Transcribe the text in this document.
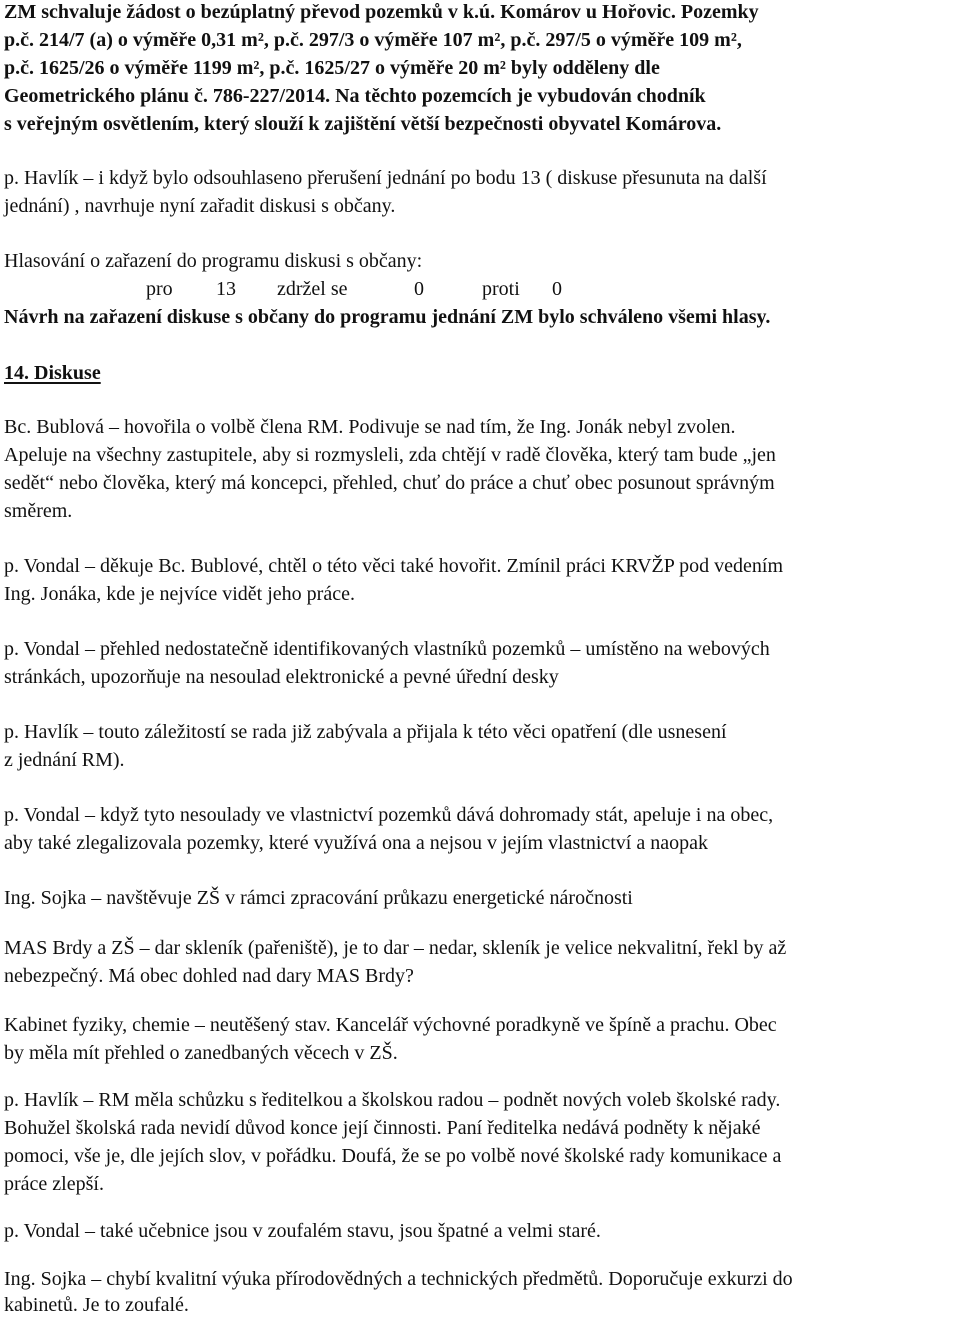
ZM schvaluje žádost o bezúplatný převod pozemků v k.ú. Komárov u Hořovic. Pozemky
p.č. 214/7 (a) o výměře 0,31 m², p.č. 297/3 o výměře 107 m², p.č. 297/5 o výměře 109 m²,
p.č. 1625/26 o výměře 1199 m², p.č. 1625/27 o výměře 20 m² byly odděleny dle
Geometrického plánu č. 786-227/2014. Na těchto pozemcích je vybudován chodník
s veřejným osvětlením, který slouží k zajištění větší bezpečnosti obyvatel Komárova.
p. Havlík – i když bylo odsouhlaseno přerušení jednání po bodu 13 ( diskuse přesunuta na další
jednání) , navrhuje nyní zařadit diskusi s občany.
Hlasování o zařazení do programu diskusi s občany:
pro 13 zdržel se	0	proti 0
Návrh na zařazení diskuse s občany do programu jednání ZM bylo schváleno všemi hlasy.
14. Diskuse
Bc. Bublová – hovořila o volbě člena RM. Podivuje se nad tím, že Ing. Jonák nebyl zvolen.
Apeluje na všechny zastupitele, aby si rozmysleli, zda chtějí v radě člověka, který tam bude „jen
sedět“ nebo člověka, který má koncepci, přehled, chuť do práce a chuť obec posunout správným
směrem.
p. Vondal – děkuje Bc. Bublové, chtěl o této věci také hovořit. Zmínil práci KRVŽP pod vedením
Ing. Jonáka, kde je nejvíce vidět jeho práce.
p. Vondal – přehled nedostatečně identifikovaných vlastníků pozemků – umístěno na webových
stránkách, upozorňuje na nesoulad elektronické a pevné úřední desky
p. Havlík – touto záležitostí se rada již zabývala a přijala k této věci opatření (dle usnesení
z jednání RM).
p. Vondal – když tyto nesoulady ve vlastnictví pozemků dává dohromady stát, apeluje i na obec,
aby také zlegalizovala pozemky, které využívá ona a nejsou v jejím vlastnictví a naopak
Ing. Sojka – navštěvuje ZŠ v rámci zpracování průkazu energetické náročnosti
MAS Brdy a ZŠ – dar skleník (pařeniště), je to dar – nedar, skleník je velice nekvalitní, řekl by až
nebezpečný. Má obec dohled nad dary MAS Brdy?
Kabinet fyziky, chemie – neutěšený stav. Kancelář výchovné poradkyně ve špíně a prachu. Obec
by měla mít přehled o zanedbaných věcech v ZŠ.
p. Havlík – RM měla schůzku s ředitelkou a školskou radou – podnět nových voleb školské rady.
Bohužel školská rada nevidí důvod konce její činnosti. Paní ředitelka nedává podněty k nějaké
pomoci, vše je, dle jejích slov, v pořádku. Doufá, že se po volbě nové školské rady komunikace a
práce zlepší.
p. Vondal – také učebnice jsou v zoufalém stavu, jsou špatné a velmi staré.
Ing. Sojka – chybí kvalitní výuka přírodovědných a technických předmětů. Doporučuje exkurzi do
kabinetů. Je to zoufalé.
